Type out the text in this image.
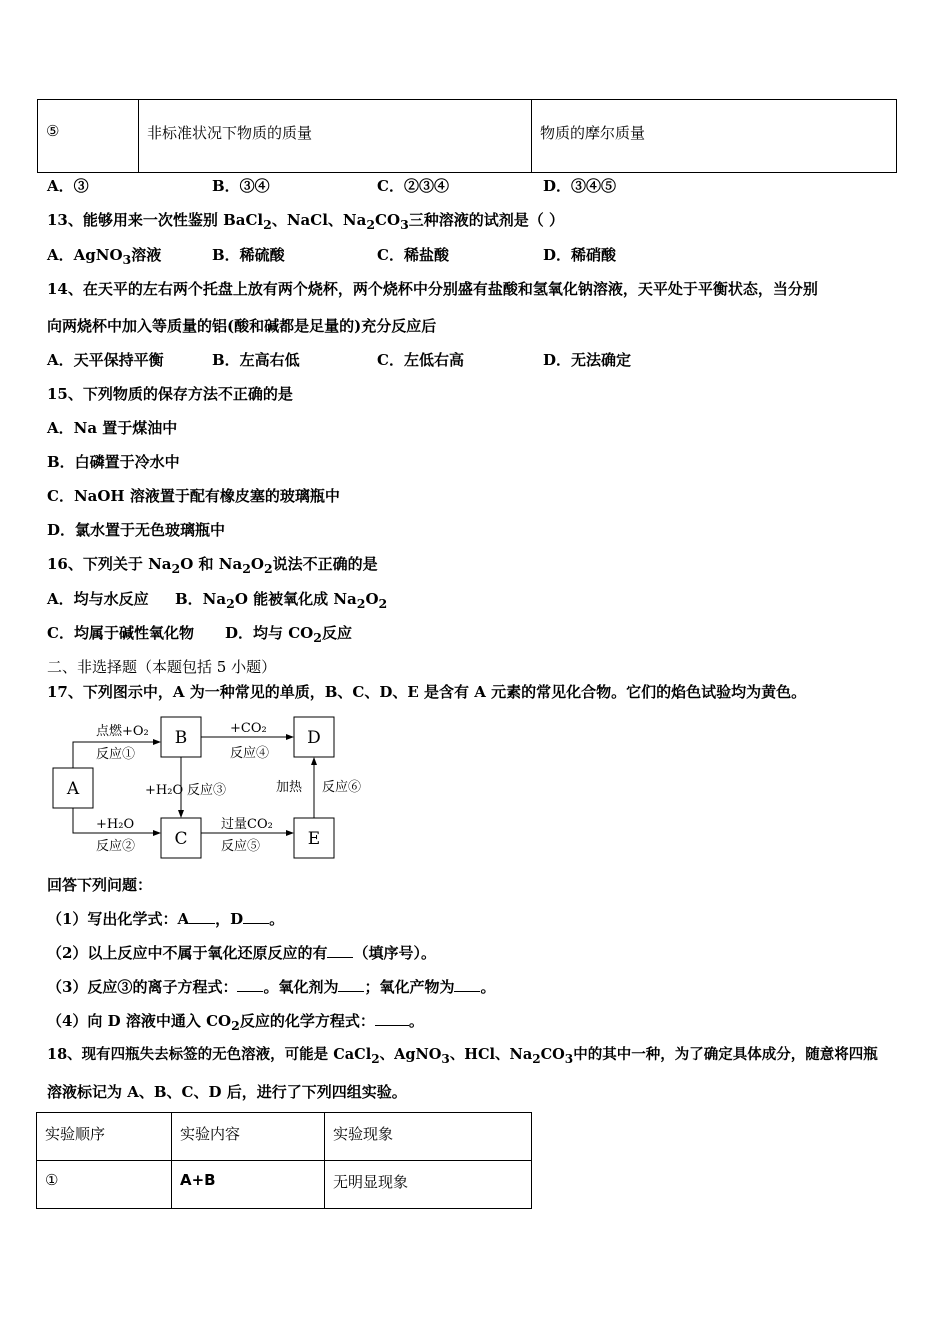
⑤	非标准状况下物质的质量	物质的摩尔质量
A．③	B．③④	C．②③④	D．③④⑤
13、能够用来一次性鉴别 BaCl$_2$、NaCl、$Na_2CO_3$三种溶液的试剂是（ ）
A．AgNO$_3$溶液	B．稀硫酸	C．稀盐酸	D．稀硝酸
14、在天平的左右两个托盘上放有两个烧杯，两个烧杯中分别盛有盐酸和氢氧化钠溶液，天平处于平衡状态，当分别
向两烧杯中加入等质量的铝(酸和碱都是足量的)充分反应后
A．天平保持平衡	B．左高右低	C．左低右高	D．无法确定
15、下列物质的保存方法不正确的是
A．Na 置于煤油中
B．白磷置于冷水中
C．NaOH 溶液置于配有橡皮塞的玻璃瓶中
D．氯水置于无色玻璃瓶中
16、下列关于 $Na_2O$ 和 $Na_2O_2$说法不正确的是
A．均与水反应 B．$Na_2O$ 能被氧化成 $Na_2O_2$
C．均属于碱性氧化物 D．均与 $CO_2$反应
二、非选择题（本题包括 5 小题）
17、下列图示中，A 为一种常见的单质，B、C、D、E 是含有 A 元素的常见化合物。它们的焰色试验均为黄色。
A
B
C
D
E
点燃+O₂
反应①
+H₂O
反应②
+H₂O 反应③
+CO₂
反应④
过量CO₂
反应⑤
加热 反应⑥
回答下列问题：
（1）写出化学式：A ，D 。
（2）以上反应中不属于氧化还原反应的有 （填序号）。
（3）反应③的离子方程式： 。氧化剂为 ；氧化产物为 。
（4）向 D 溶液中通入 $CO_2$反应的化学方程式： 。
18、现有四瓶失去标签的无色溶液，可能是 CaCl$_2$、AgNO$_3$、HCl、$Na_2CO_3$中的其中一种，为了确定具体成分，随意将四瓶
溶液标记为 A、B、C、D 后，进行了下列四组实验。
实验顺序	实验内容	实验现象
①	A+B	无明显现象
